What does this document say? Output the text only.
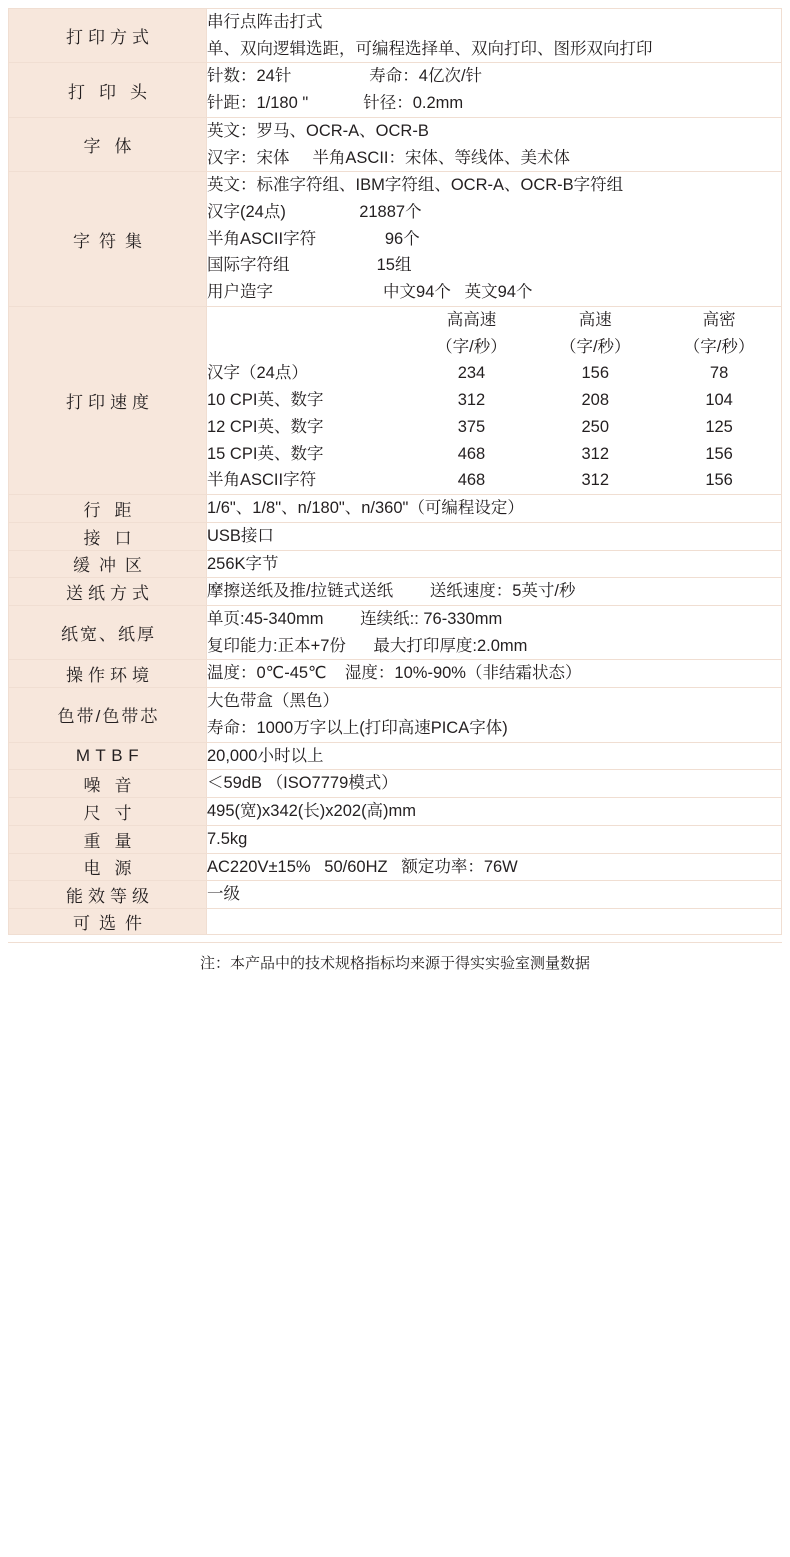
打印方式

串行点阵击打式
单、双向逻辑选距，可编程选择单、双向打印、图形双向打印

打印头

针数：24针                 寿命：4亿次/针
针距：1/180 "            针径：0.2mm

字体

英文：罗马、OCR-A、OCR-B
汉字：宋体     半角ASCII：宋体、等线体、美术体

字符集

英文：标准字符组、IBM字符组、OCR-A、OCR-B字符组
汉字(24点)                21887个
半角ASCII字符               96个
国际字符组                   15组
用户造字                        中文94个   英文94个

打印速度

	高高速	高速	高密
	（字/秒）	（字/秒）	（字/秒）
汉字（24点）	234	156	78
10 CPI英、数字	312	208	104
12 CPI英、数字	375	250	125
15 CPI英、数字	468	312	156
半角ASCII字符	468	312	156

行距	1/6"、1/8"、n/180"、n/360"（可编程设定）

接口	USB接口

缓冲区	256K字节

送纸方式	摩擦送纸及推/拉链式送纸        送纸速度：5英寸/秒

纸宽、纸厚

单页:45-340mm        连续纸:: 76-330mm
复印能力:正本+7份      最大打印厚度:2.0mm

操作环境	温度：0℃-45℃    湿度：10%-90%（非结霜状态）

色带/色带芯

大色带盒（黑色）
寿命：1000万字以上(打印高速PICA字体)

M T B F	20,000小时以上

噪音	＜59dB （ISO7779模式）

尺寸	495(宽)x342(长)x202(高)mm

重量	7.5kg

电源	AC220V±15%   50/60HZ   额定功率：76W

能效等级	一级

可选件

注：本产品中的技术规格指标均来源于得实实验室测量数据
